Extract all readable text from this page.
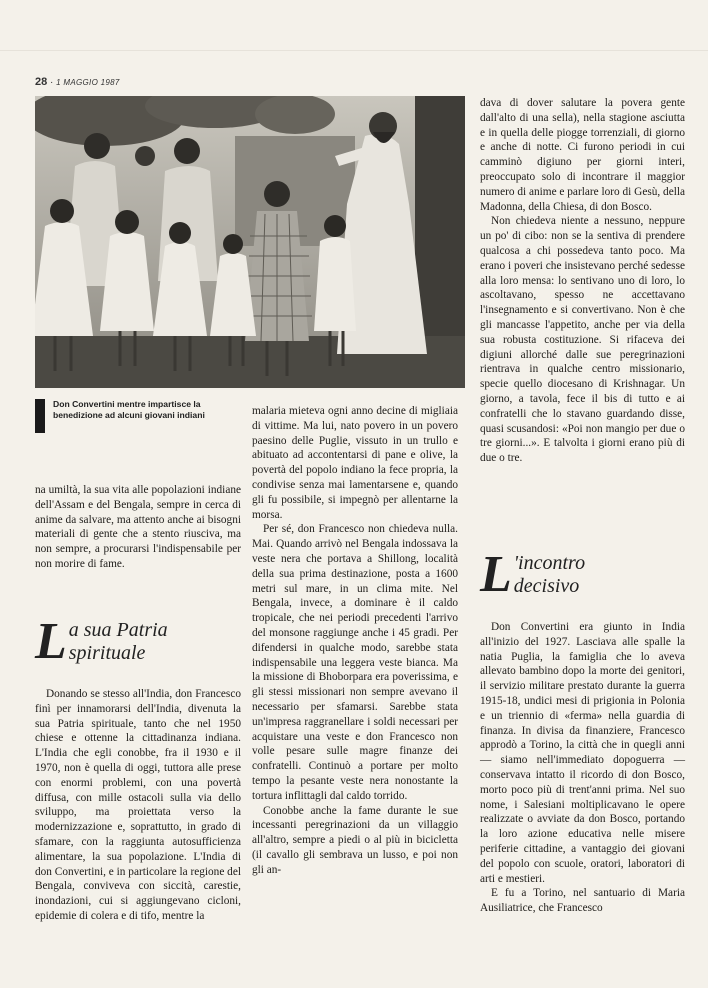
28 · 1 MAGGIO 1987
Don Convertini mentre impartisce la benedizione ad alcuni giovani indiani

na umiltà, la sua vita alle popolazioni indiane dell'Assam e del Bengala, sempre in cerca di anime da salvare, ma attento anche ai bisogni materiali di gente che a stento riusciva, ma non sempre, a procurarsi l'indispensabile per non morire di fame.

L a sua Patria
spirituale

Donando se stesso all'India, don Francesco finì per innamorarsi dell'India, divenuta la sua Patria spirituale, tanto che nel 1950 chiese e ottenne la cittadinanza indiana. L'India che egli conobbe, fra il 1930 e il 1970, non è quella di oggi, tuttora alle prese con enormi problemi, con una povertà diffusa, con mille ostacoli sulla via dello sviluppo, ma proiettata verso la modernizzazione e, soprattutto, in grado di sfamare, con la raggiunta autosufficienza alimentare, la sua popolazione. L'India di don Convertini, e in particolare la regione del Bengala, conviveva con siccità, carestie, inondazioni, cui si aggiungevano cicloni, epidemie di colera e di tifo, mentre la

malaria mieteva ogni anno decine di migliaia di vittime. Ma lui, nato povero in un povero paesino delle Puglie, vissuto in un trullo e abituato ad accontentarsi di pane e olive, la povertà del popolo indiano la fece propria, la condivise senza mai lamentarsene e, quando gli fu possibile, si impegnò per allentarne la morsa.

Per sé, don Francesco non chiedeva nulla. Mai. Quando arrivò nel Bengala indossava la veste nera che portava a Shillong, località della sua prima destinazione, posta a 1600 metri sul mare, in un clima mite. Nel Bengala, invece, a dominare è il caldo tropicale, che nei periodi precedenti l'arrivo del monsone raggiunge anche i 45 gradi. Per difendersi in qualche modo, sarebbe stata indispensabile una leggera veste bianca. Ma la missione di Bhoborpara era poverissima, e gli stessi missionari non sempre avevano il necessario per sfamarsi. Sarebbe stata un'impresa raggranellare i soldi necessari per acquistare una veste e don Francesco non volle pesare sulle magre finanze dei confratelli. Continuò a portare per molto tempo la pesante veste nera nonostante la tortura inflittagli dal caldo torrido.

Conobbe anche la fame durante le sue incessanti peregrinazioni da un villaggio all'altro, sempre a piedi o al più in bicicletta (il cavallo gli sembrava un lusso, e poi non gli an-

dava di dover salutare la povera gente dall'alto di una sella), nella stagione asciutta e in quella delle piogge torrenziali, di giorno e anche di notte. Ci furono periodi in cui camminò digiuno per giorni interi, preoccupato solo di incontrare il maggior numero di anime e parlare loro di Gesù, della Madonna, della Chiesa, di don Bosco.

Non chiedeva niente a nessuno, neppure un po' di cibo: non se la sentiva di prendere qualcosa a chi possedeva tanto poco. Ma erano i poveri che insistevano perché sedesse alla loro mensa: lo sentivano uno di loro, lo ascoltavano, spesso ne accettavano l'insegnamento e si convertivano. Non è che gli mancasse l'appetito, anche per via della sua robusta costituzione. Si rifaceva dei digiuni allorché dalle sue peregrinazioni rientrava in qualche centro missionario, specie quello diocesano di Krishnagar. Un giorno, a tavola, fece il bis di tutto e ai confratelli che lo stavano guardando disse, quasi scusandosi: «Poi non mangio per due o tre giorni...». E talvolta i giorni erano più di due o tre.

L 'incontro
decisivo

Don Convertini era giunto in India all'inizio del 1927. Lasciava alle spalle la natia Puglia, la famiglia che lo aveva allevato bambino dopo la morte dei genitori, il servizio militare prestato durante la guerra 1915-18, undici mesi di prigionia in Polonia e un triennio di «ferma» nella guardia di finanza. In divisa da finanziere, Francesco approdò a Torino, la città che in quegli anni — siamo nell'immediato dopoguerra — conservava intatto il ricordo di don Bosco, morto poco più di trent'anni prima. Nel suo nome, i Salesiani moltiplicavano le opere realizzate o avviate da don Bosco, portando la loro azione educativa nelle misere periferie cittadine, a vantaggio dei giovani del popolo con scuole, oratori, laboratori di arti e mestieri.

E fu a Torino, nel santuario di Maria Ausiliatrice, che Francesco
